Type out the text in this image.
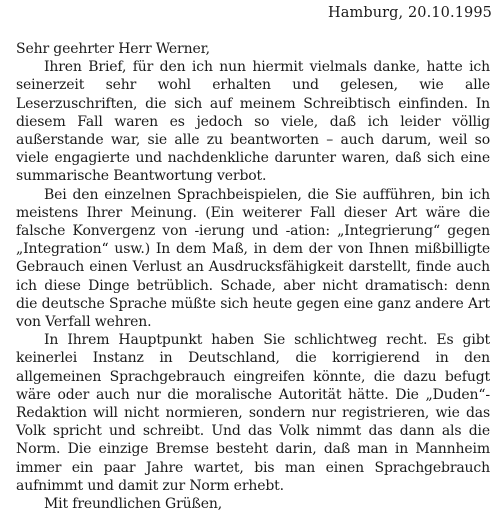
Hamburg, 20.10.1995

Sehr geehrter Herr Werner,

Ihren Brief, für den ich nun hiermit vielmals danke, hatte ich seinerzeit sehr wohl erhalten und gelesen, wie alle Leserzuschriften, die sich auf meinem Schreibtisch einfinden. In diesem Fall waren es jedoch so viele, daß ich leider völlig außerstande war, sie alle zu beantworten – auch darum, weil so viele engagierte und nachdenkliche darunter waren, daß sich eine summarische Beantwortung verbot.

Bei den einzelnen Sprachbeispielen, die Sie aufführen, bin ich meistens Ihrer Meinung. (Ein weiterer Fall dieser Art wäre die falsche Konvergenz von -ierung und -ation: „Integrierung“ gegen „Integration“ usw.) In dem Maß, in dem der von Ihnen mißbilligte Gebrauch einen Verlust an Ausdrucksfähigkeit darstellt, finde auch ich diese Dinge betrüblich. Schade, aber nicht dramatisch: denn die deutsche Sprache müßte sich heute gegen eine ganz andere Art von Verfall wehren.

In Ihrem Hauptpunkt haben Sie schlichtweg recht. Es gibt keinerlei Instanz in Deutschland, die korrigierend in den allgemeinen Sprachgebrauch eingreifen könnte, die dazu befugt wäre oder auch nur die moralische Autorität hätte. Die „Duden“-Redaktion will nicht normieren, sondern nur registrieren, wie das Volk spricht und schreibt. Und das Volk nimmt das dann als die Norm. Die einzige Bremse besteht darin, daß man in Mannheim immer ein paar Jahre wartet, bis man einen Sprachgebrauch aufnimmt und damit zur Norm erhebt.

Mit freundlichen Grüßen,
